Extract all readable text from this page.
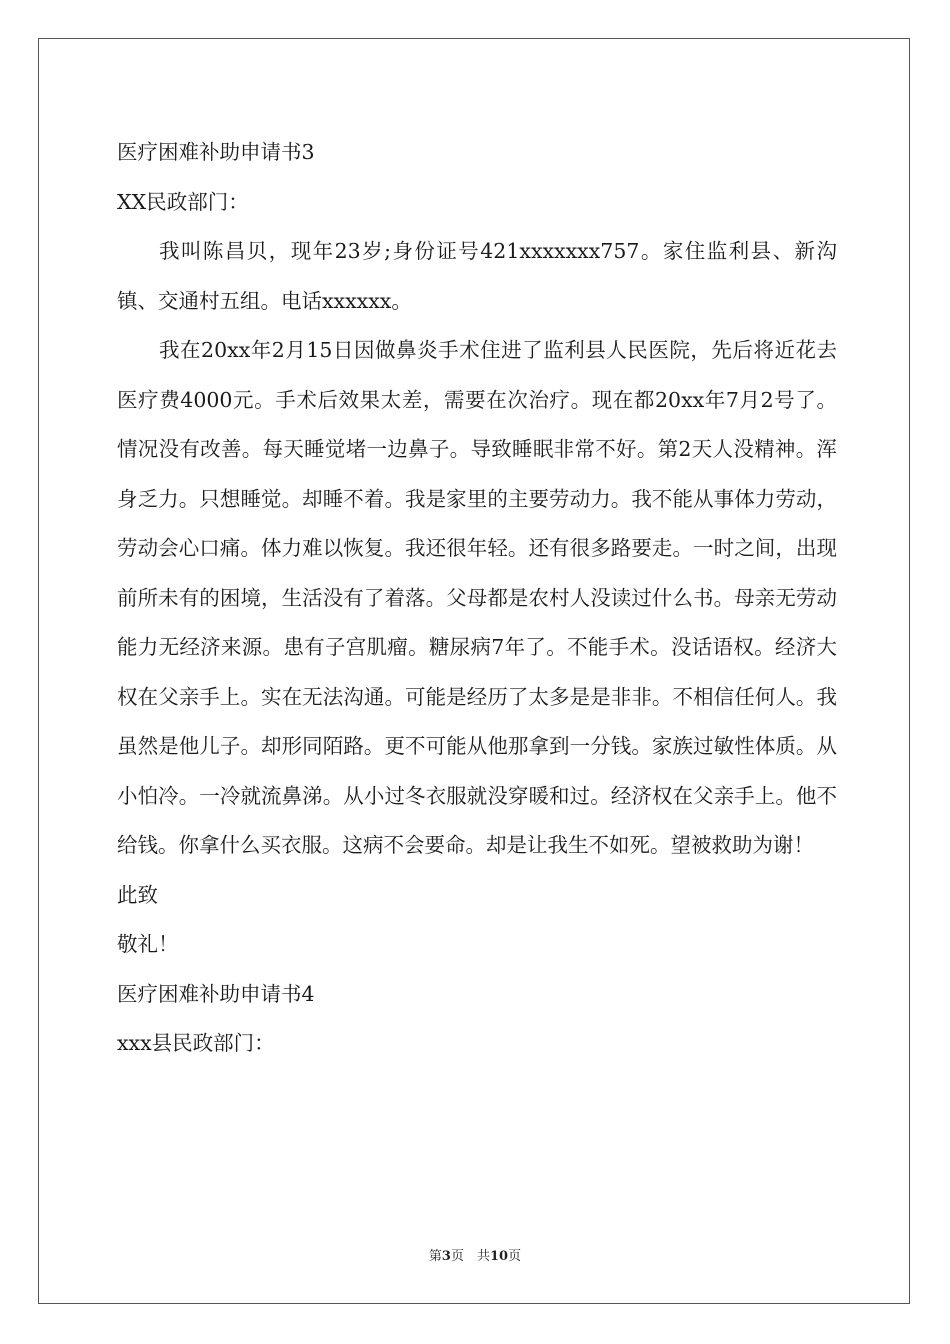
医疗困难补助申请书3

XX民政部门：

我叫陈昌贝，现年23岁;身份证号421xxxxxxx757。家住监利县、新沟镇、交通村五组。电话xxxxxx。

我在20xx年2月15日因做鼻炎手术住进了监利县人民医院，先后将近花去医疗费4000元。手术后效果太差，需要在次治疗。现在都20xx年7月2号了。情况没有改善。每天睡觉堵一边鼻子。导致睡眠非常不好。第2天人没精神。浑身乏力。只想睡觉。却睡不着。我是家里的主要劳动力。我不能从事体力劳动，劳动会心口痛。体力难以恢复。我还很年轻。还有很多路要走。一时之间，出现前所未有的困境，生活没有了着落。父母都是农村人没读过什么书。母亲无劳动能力无经济来源。患有子宫肌瘤。糖尿病7年了。不能手术。没话语权。经济大权在父亲手上。实在无法沟通。可能是经历了太多是是非非。不相信任何人。我虽然是他儿子。却形同陌路。更不可能从他那拿到一分钱。家族过敏性体质。从小怕冷。一冷就流鼻涕。从小过冬衣服就没穿暖和过。经济权在父亲手上。他不给钱。你拿什么买衣服。这病不会要命。却是让我生不如死。望被救助为谢！

此致

敬礼！

医疗困难补助申请书4

xxx县民政部门：

第3页　共10页
